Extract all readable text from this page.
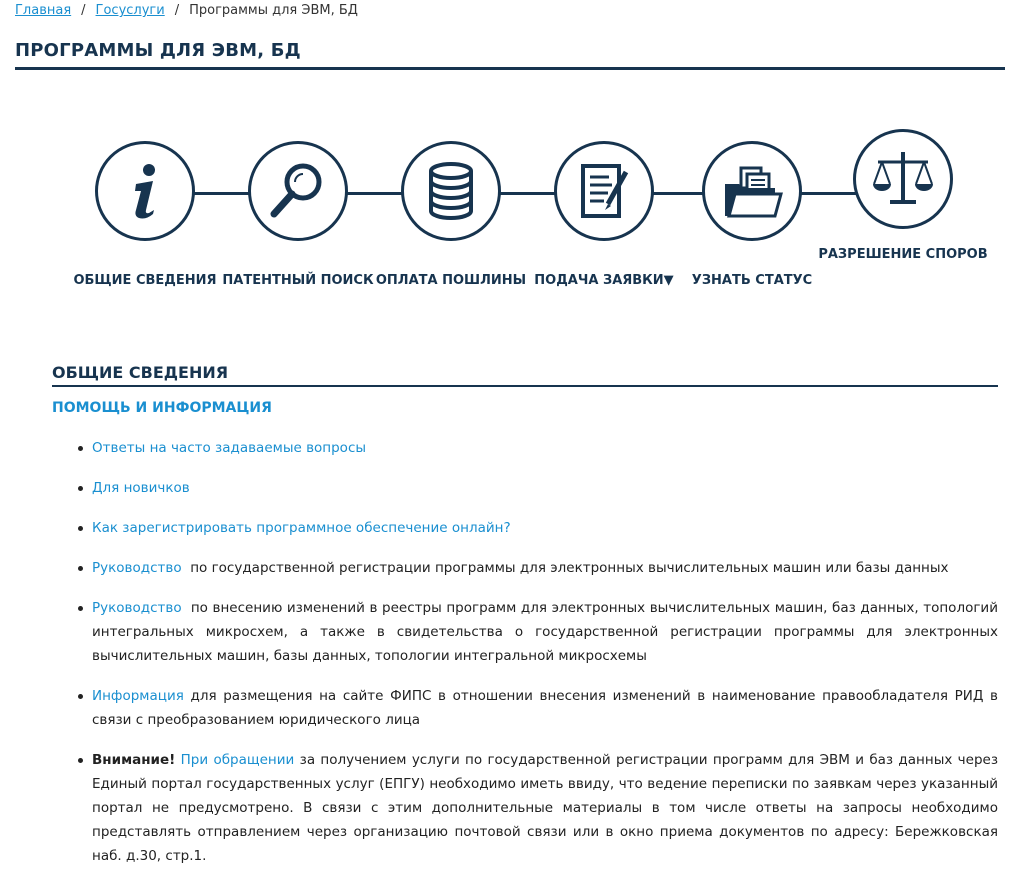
Главная / Госуслуги / Программы для ЭВМ, БД
ПРОГРАММЫ ДЛЯ ЭВМ, БД
ОБЩИЕ СВЕДЕНИЯ ПАТЕНТНЫЙ ПОИСК ОПЛАТА ПОШЛИНЫ ПОДАЧА ЗАЯВКИ▼	УЗНАТЬ СТАТУС
РАЗРЕШЕНИЕ СПОРОВ
ОБЩИЕ СВЕДЕНИЯ
ПОМОЩЬ И ИНФОРМАЦИЯ
Ответы на часто задаваемые вопросы
Для новичков
Как зарегистрировать программное обеспечение онлайн?
Руководство по государственной регистрации программы для электронных вычислительных машин или базы данных
Руководство по внесению изменений в реестры программ для электронных вычислительных машин, баз данных, топологий интегральных микросхем, а также в свидетельства о государственной регистрации программы для электронных вычислительных машин, базы данных, топологии интегральной микросхемы
Информация для размещения на сайте ФИПС в отношении внесения изменений в наименование правообладателя РИД в связи с преобразованием юридического лица
Внимание! При обращении за получением услуги по государственной регистрации программ для ЭВМ и баз данных через Единый портал государственных услуг (ЕПГУ) необходимо иметь ввиду, что ведение переписки по заявкам через указанный портал не предусмотрено. В связи с этим дополнительные материалы в том числе ответы на запросы необходимо представлять отправлением через организацию почтовой связи или в окно приема документов по адресу: Бережковская наб. д.30, стр.1.
